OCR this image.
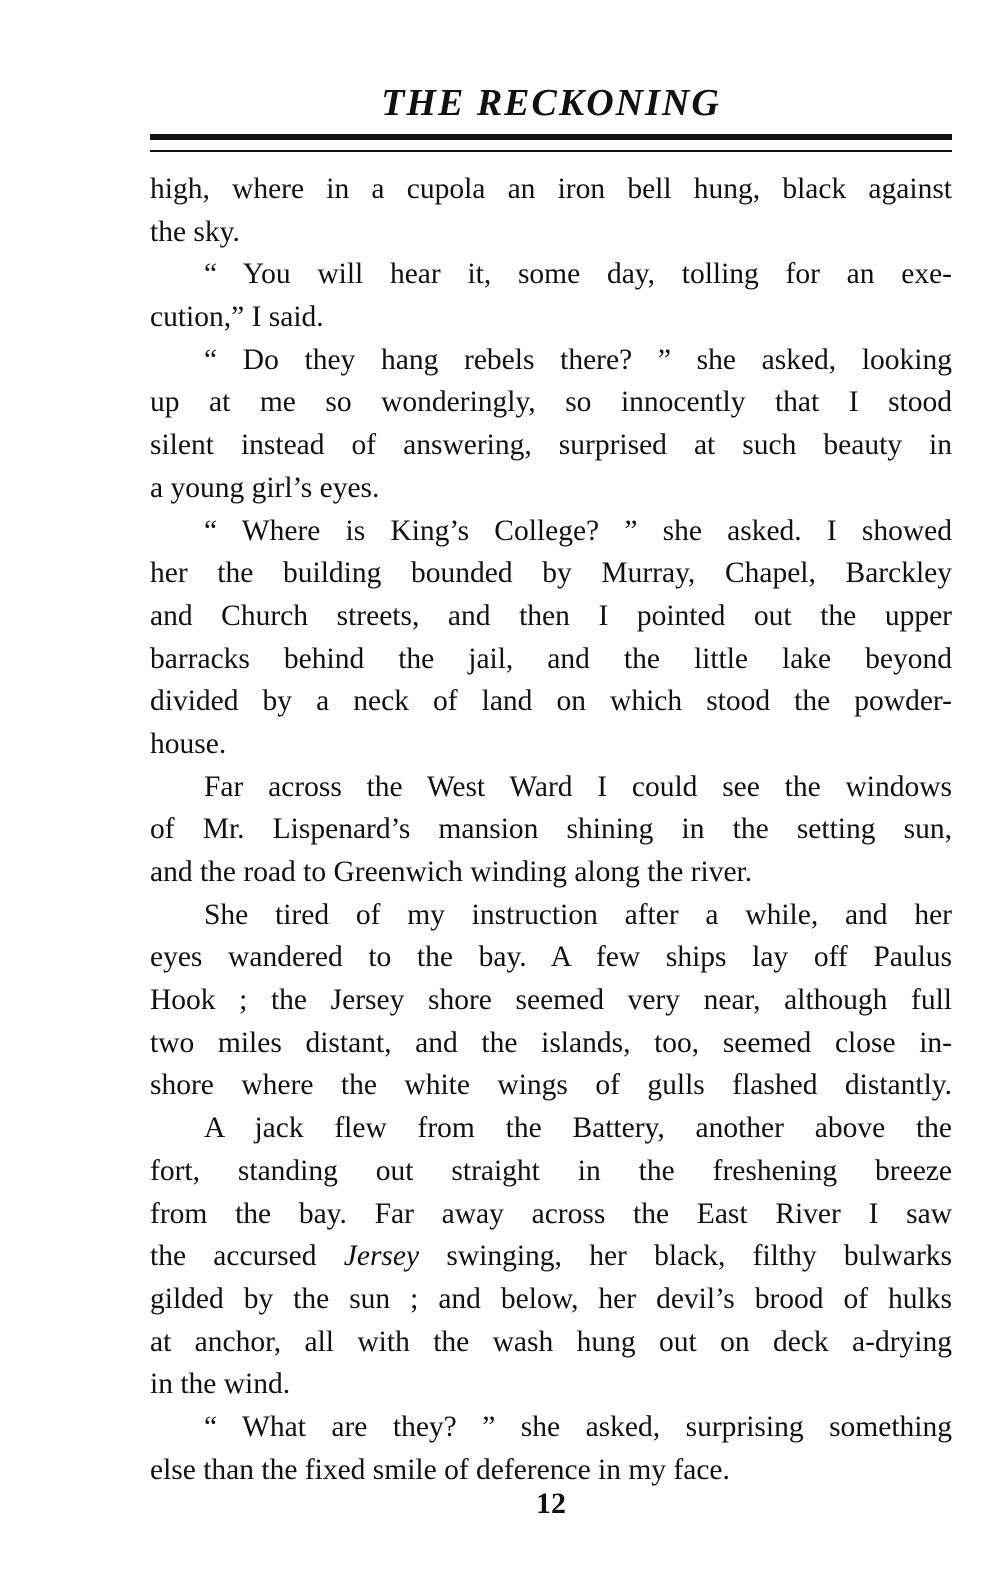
THE RECKONING
high, where in a cupola an iron bell hung, black against
the sky.
“ You will hear it, some day, tolling for an exe-
cution,” I said.
“ Do they hang rebels there? ” she asked, looking
up at me so wonderingly, so innocently that I stood
silent instead of answering, surprised at such beauty in
a young girl’s eyes.
“ Where is King’s College? ” she asked. I showed
her the building bounded by Murray, Chapel, Barckley
and Church streets, and then I pointed out the upper
barracks behind the jail, and the little lake beyond
divided by a neck of land on which stood the powder-
house.
Far across the West Ward I could see the windows
of Mr. Lispenard’s mansion shining in the setting sun,
and the road to Greenwich winding along the river.
She tired of my instruction after a while, and her
eyes wandered to the bay. A few ships lay off Paulus
Hook ; the Jersey shore seemed very near, although full
two miles distant, and the islands, too, seemed close in-
shore where the white wings of gulls flashed distantly.
A jack flew from the Battery, another above the
fort, standing out straight in the freshening breeze
from the bay. Far away across the East River I saw
the accursed Jersey swinging, her black, filthy bulwarks
gilded by the sun ; and below, her devil’s brood of hulks
at anchor, all with the wash hung out on deck a-drying
in the wind.
“ What are they? ” she asked, surprising something
else than the fixed smile of deference in my face.
12
